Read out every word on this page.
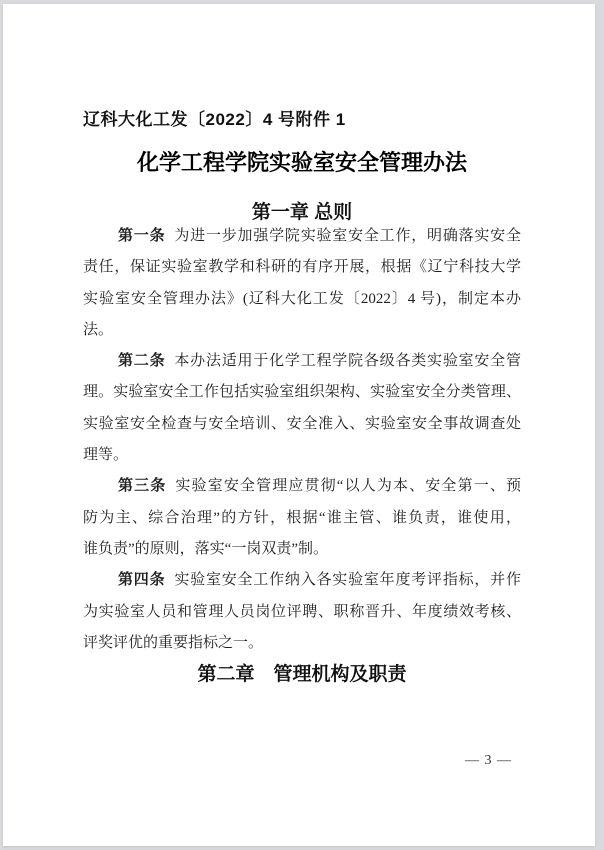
辽科大化工发〔2022〕4 号附件 1
化学工程学院实验室安全管理办法
第一章 总则
第一条 为进一步加强学院实验室安全工作，明确落实安全
责任，保证实验室教学和科研的有序开展，根据《辽宁科技大学
实验室安全管理办法》(辽科大化工发〔2022〕4 号)，制定本办
法。
第二条 本办法适用于化学工程学院各级各类实验室安全管
理。实验室安全工作包括实验室组织架构、实验室安全分类管理、
实验室安全检查与安全培训、安全准入、实验室安全事故调查处
理等。
第三条 实验室安全管理应贯彻“以人为本、安全第一、预
防为主、综合治理”的方针，根据“谁主管、谁负责，谁使用，
谁负责”的原则，落实“一岗双责”制。
第四条 实验室安全工作纳入各实验室年度考评指标，并作
为实验室人员和管理人员岗位评聘、职称晋升、年度绩效考核、
评奖评优的重要指标之一。
第二章　管理机构及职责
— 3 —
